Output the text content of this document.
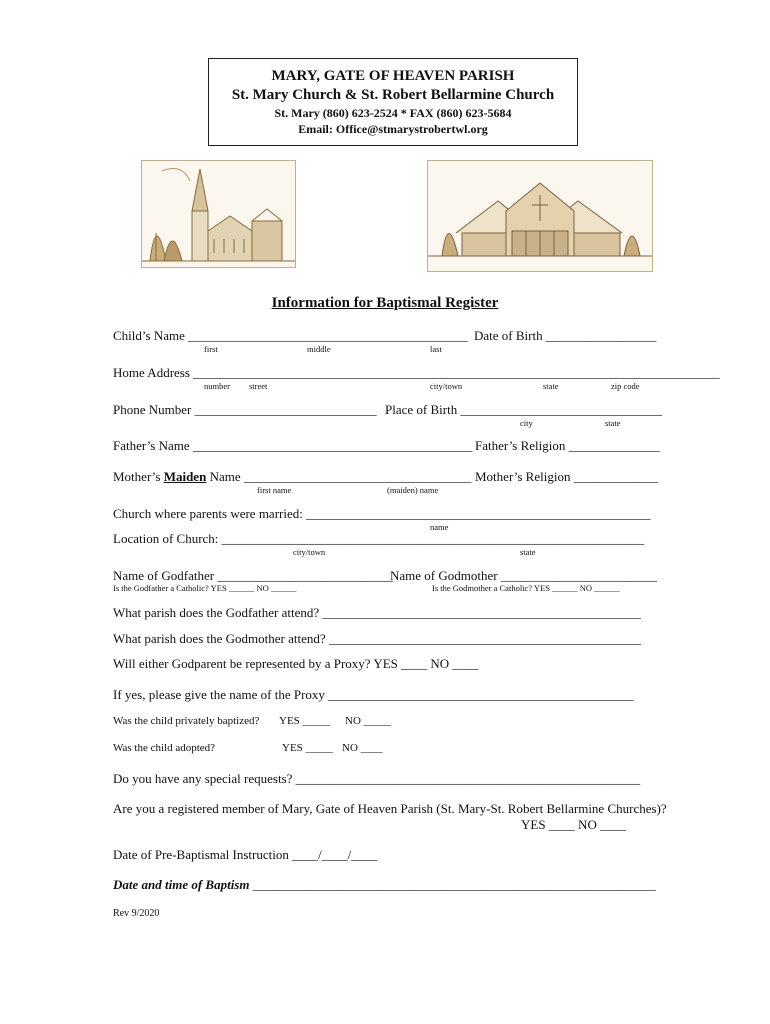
MARY, GATE OF HEAVEN PARISH
St. Mary Church & St. Robert Bellarmine Church
St. Mary (860) 623-2524 * FAX (860) 623-5684
Email: Office@stmarystrobertwl.org
Information for Baptismal Register
Child’s Name ___________________________________________ Date of Birth _________________
first	middle	last
Home Address _________________________________________________________________________________
number street	city/town	state	zip code
Phone Number ____________________________ Place of Birth _______________________________
city	state
Father’s Name ___________________________________________ Father’s Religion ______________
Mother’s Maiden Name ___________________________________ Mother’s Religion _____________
first name	(maiden) name
Church where parents were married: _____________________________________________________
name
Location of Church: _________________________________________________________________
city/town	state
Name of Godfather ___________________________
Name of Godmother ________________________
Is the Godfather a Catholic? YES ______ NO ______	Is the Godmother a Catholic? YES ______ NO ______
What parish does the Godfather attend? _________________________________________________
What parish does the Godmother attend? ________________________________________________
Will either Godparent be represented by a Proxy? YES ____ NO ____
If yes, please give the name of the Proxy _______________________________________________
Was the child privately baptized? YES _____ NO _____
Was the child adopted?	YES _____ NO ____
Do you have any special requests? _____________________________________________________
Are you a registered member of Mary, Gate of Heaven Parish (St. Mary-St. Robert Bellarmine Churches)?
YES ____ NO ____
Date of Pre-Baptismal Instruction ____/____/____
Date and time of Baptism ______________________________________________________________
Rev 9/2020
